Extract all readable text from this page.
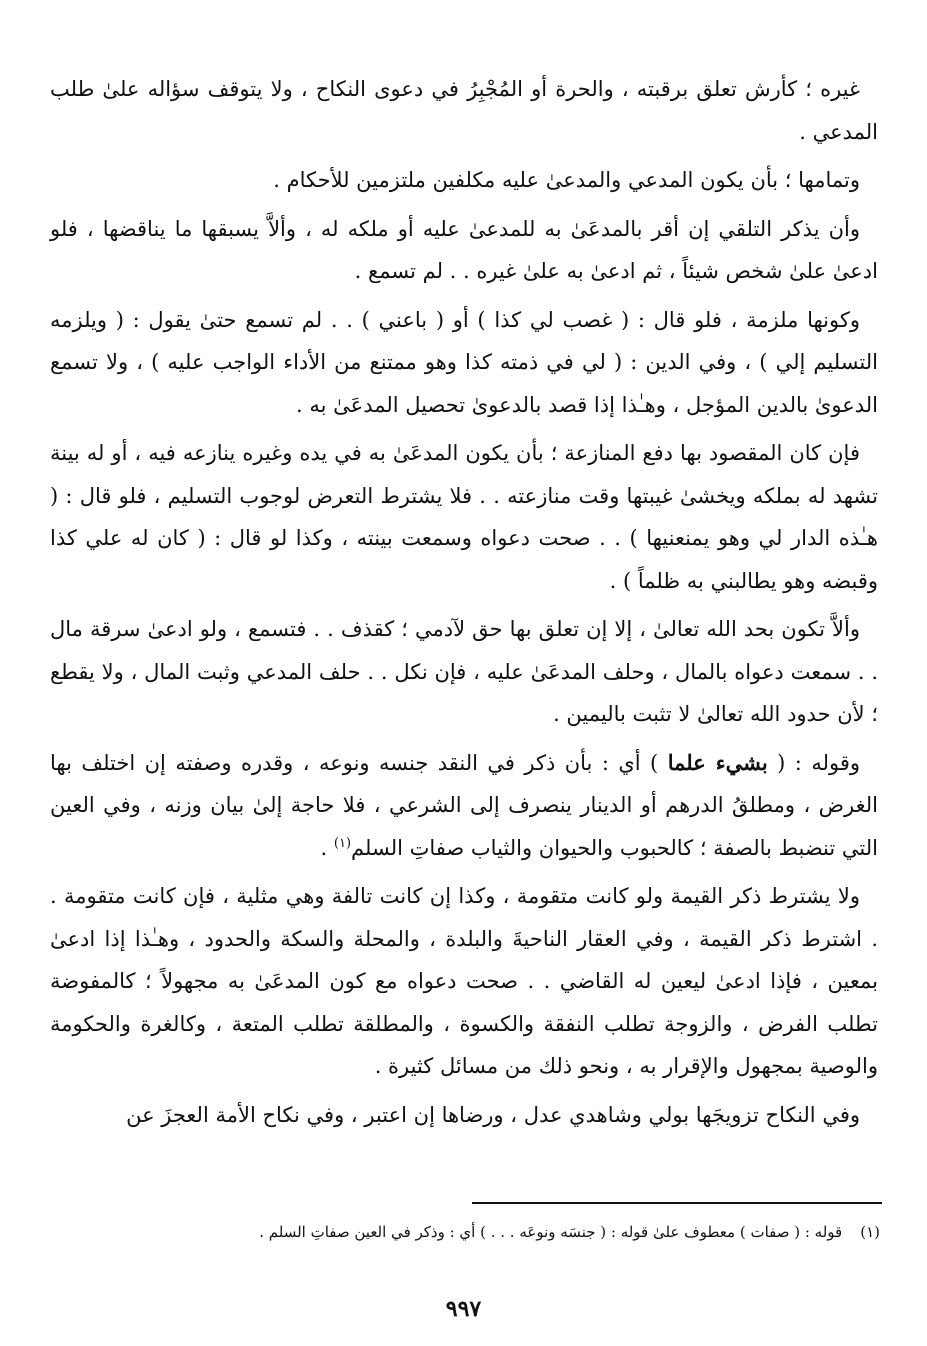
غيره ؛ كأرش تعلق برقبته ، والحرة أو المُجْبِرُ في دعوى النكاح ، ولا يتوقف سؤاله علىٰ طلب المدعي .

وتمامها ؛ بأن يكون المدعي والمدعىٰ عليه مكلفين ملتزمين للأحكام .

وأن يذكر التلقي إن أقر بالمدعَىٰ به للمدعىٰ عليه أو ملكه له ، وألاَّ يسبقها ما يناقضها ، فلو ادعىٰ علىٰ شخص شيئاً ، ثم ادعىٰ به علىٰ غيره . . لم تسمع .

وكونها ملزمة ، فلو قال : ( غصب لي كذا ) أو ( باعني ) . . لم تسمع حتىٰ يقول : ( ويلزمه التسليم إلي ) ، وفي الدين : ( لي في ذمته كذا وهو ممتنع من الأداء الواجب عليه ) ، ولا تسمع الدعوىٰ بالدين المؤجل ، وهـٰذا إذا قصد بالدعوىٰ تحصيل المدعَىٰ به .

فإن كان المقصود بها دفع المنازعة ؛ بأن يكون المدعَىٰ به في يده وغيره ينازعه فيه ، أو له بينة تشهد له بملكه ويخشىٰ غيبتها وقت منازعته . . فلا يشترط التعرض لوجوب التسليم ، فلو قال : ( هـٰذه الدار لي وهو يمنعنيها ) . . صحت دعواه وسمعت بينته ، وكذا لو قال : ( كان له علي كذا وقبضه وهو يطالبني به ظلماً ) .

وألاَّ تكون بحد الله تعالىٰ ، إلا إن تعلق بها حق لآدمي ؛ كقذف . . فتسمع ، ولو ادعىٰ سرقة مال . . سمعت دعواه بالمال ، وحلف المدعَىٰ عليه ، فإن نكل . . حلف المدعي وثبت المال ، ولا يقطع ؛ لأن حدود الله تعالىٰ لا تثبت باليمين .

وقوله : ( بشيء علما ) أي : بأن ذكر في النقد جنسه ونوعه ، وقدره وصفته إن اختلف بها الغرض ، ومطلقُ الدرهم أو الدينار ينصرف إلى الشرعي ، فلا حاجة إلىٰ بيان وزنه ، وفي العين التي تنضبط بالصفة ؛ كالحبوب والحيوان والثياب صفاتِ السلم$^{(١)}$ .

ولا يشترط ذكر القيمة ولو كانت متقومة ، وكذا إن كانت تالفة وهي مثلية ، فإن كانت متقومة . . اشترط ذكر القيمة ، وفي العقار الناحيةَ والبلدة ، والمحلة والسكة والحدود ، وهـٰذا إذا ادعىٰ بمعين ، فإذا ادعىٰ ليعين له القاضي . . صحت دعواه مع كون المدعَىٰ به مجهولاً ؛ كالمفوضة تطلب الفرض ، والزوجة تطلب النفقة والكسوة ، والمطلقة تطلب المتعة ، وكالغرة والحكومة والوصية بمجهول والإقرار به ، ونحو ذلك من مسائل كثيرة .

وفي النكاح تزويجَها بولي وشاهدي عدل ، ورضاها إن اعتبر ، وفي نكاح الأمة العجزَ عن

(١)قوله : ( صفات ) معطوف علىٰ قوله : ( جنسَه ونوعَه . . . ) أي : وذكر في العين صفاتِ السلم .
٩٩٧
